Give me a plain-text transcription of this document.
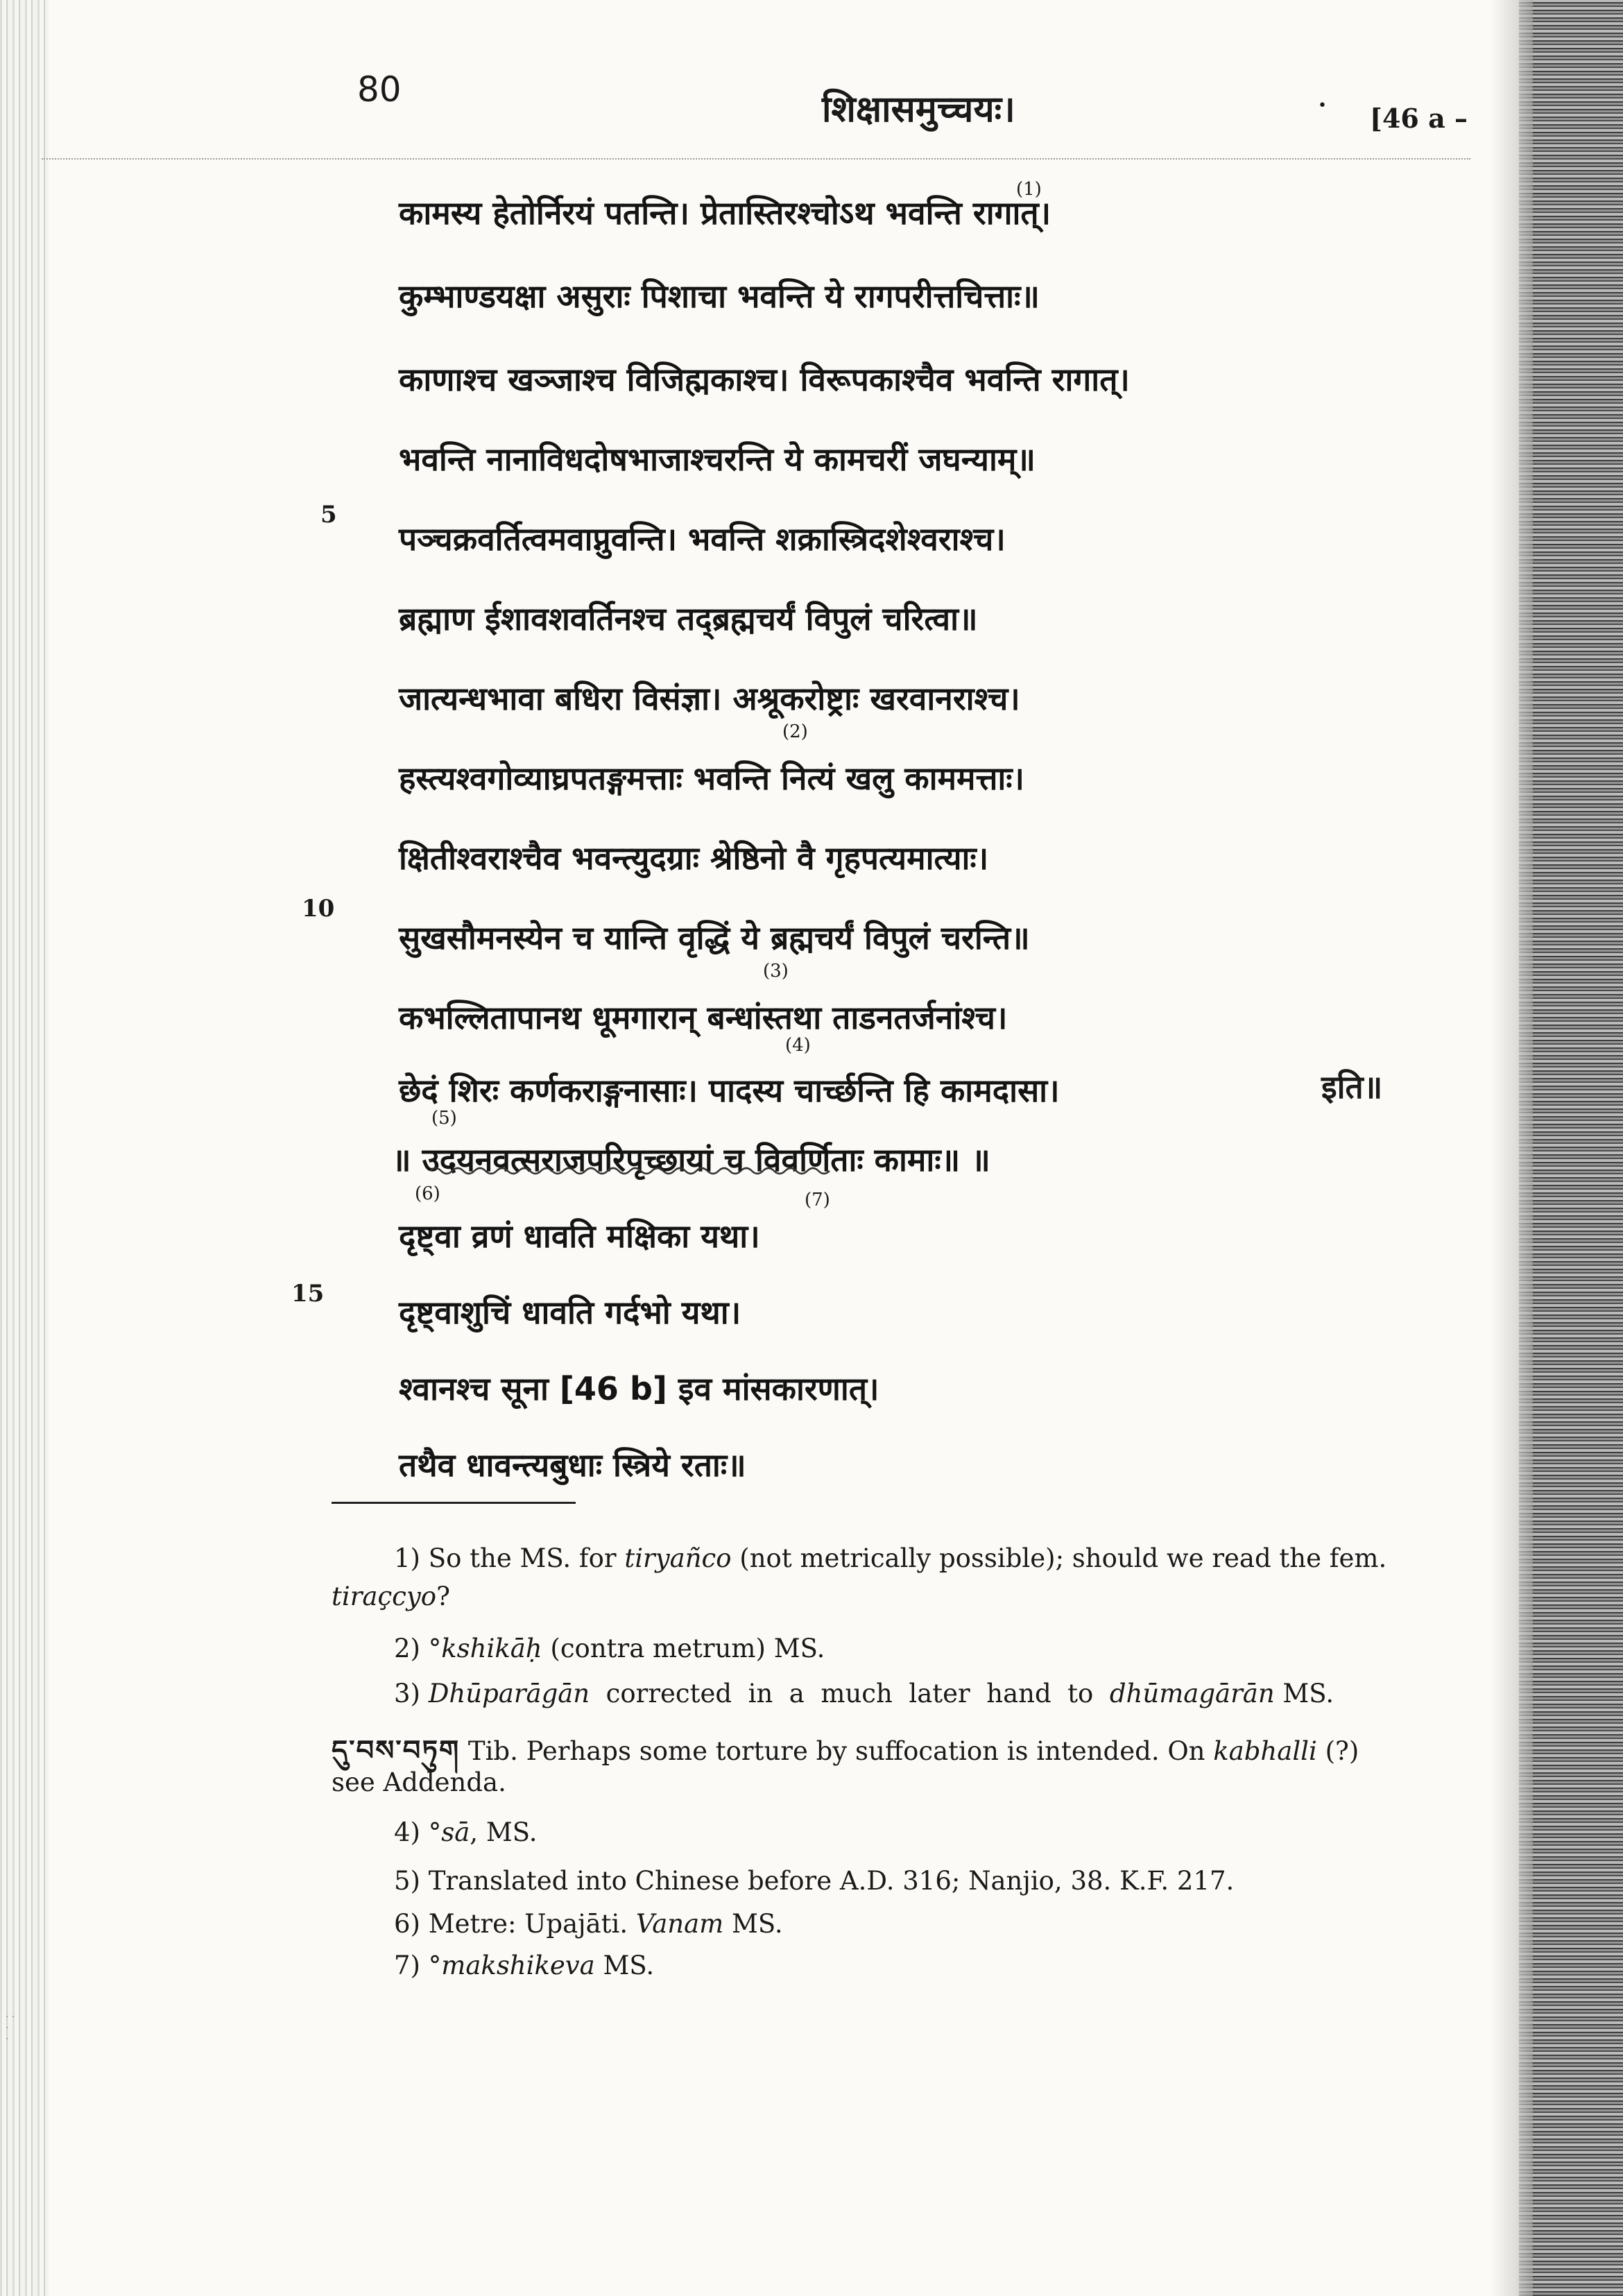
80	शिक्षासमुच्चयः।	• [46 a –
कामस्य हेतोर्निरयं पतन्ति। प्रेतास्तिरश्चोऽथ भवन्ति रागात्।
कुम्भाण्डयक्षा असुराः पिशाचा भवन्ति ये रागपरीत्तचित्ताः॥
काणाश्च खञ्जाश्च विजिह्मकाश्च। विरूपकाश्चैव भवन्ति रागात्।
भवन्ति नानाविधदोषभाजाश्चरन्ति ये कामचरीं जघन्याम्॥
पञ्चक्रवर्तित्वमवाप्नुवन्ति। भवन्ति शक्रास्त्रिदशेश्वराश्च।
ब्रह्माण ईशावशवर्तिनश्च तद्ब्रह्मचर्यं विपुलं चरित्वा॥
जात्यन्धभावा बधिरा विसंज्ञा। अश्रूकरोष्ट्राः खरवानराश्च।
हस्त्यश्वगोव्याघ्रपतङ्गमत्ताः भवन्ति नित्यं खलु काममत्ताः।
क्षितीश्वराश्चैव भवन्त्युदग्राः श्रेष्ठिनो वै गृहपत्यमात्याः।
सुखसौमनस्येन च यान्ति वृद्धिं ये ब्रह्मचर्यं विपुलं चरन्ति॥
कभल्लितापानथ धूमगारान् बन्धांस्तथा ताडनतर्जनांश्च।
छेदं शिरः कर्णकराङ्गनासाः। पादस्य चार्च्छन्ति हि कामदासा।	इति॥
॥ उदयनवत्सराजपरिपृच्छायां च विवर्णिताः कामाः॥ ॥
दृष्ट्वा व्रणं धावति मक्षिका यथा।
दृष्ट्वाशुचिं धावति गर्दभो यथा।
श्वानश्च सूना [46 b] इव मांसकारणात्।
तथैव धावन्त्यबुधाः स्त्रिये रताः॥
5
10
15
(1)
(2)
(3)
(4)
(5)
(6)	(7)
1) So the MS. for tiryañco (not metrically possible); should we read the fem.
tiraçcyo?
2) °kshikāḥ (contra metrum) MS.
3) Dhūparāgān  corrected  in  a  much  later  hand  to  dhūmagārān MS.
དུ་བས་བཏུག Tib. Perhaps some torture by suffocation is intended. On kabhalli (?)
see Addenda.
4) °sā, MS.
5) Translated into Chinese before A.D. 316; Nanjio, 38. K.F. 217.
6) Metre: Upajāti. Vanam MS.
7) °makshikeva MS.
· ·
·
·
